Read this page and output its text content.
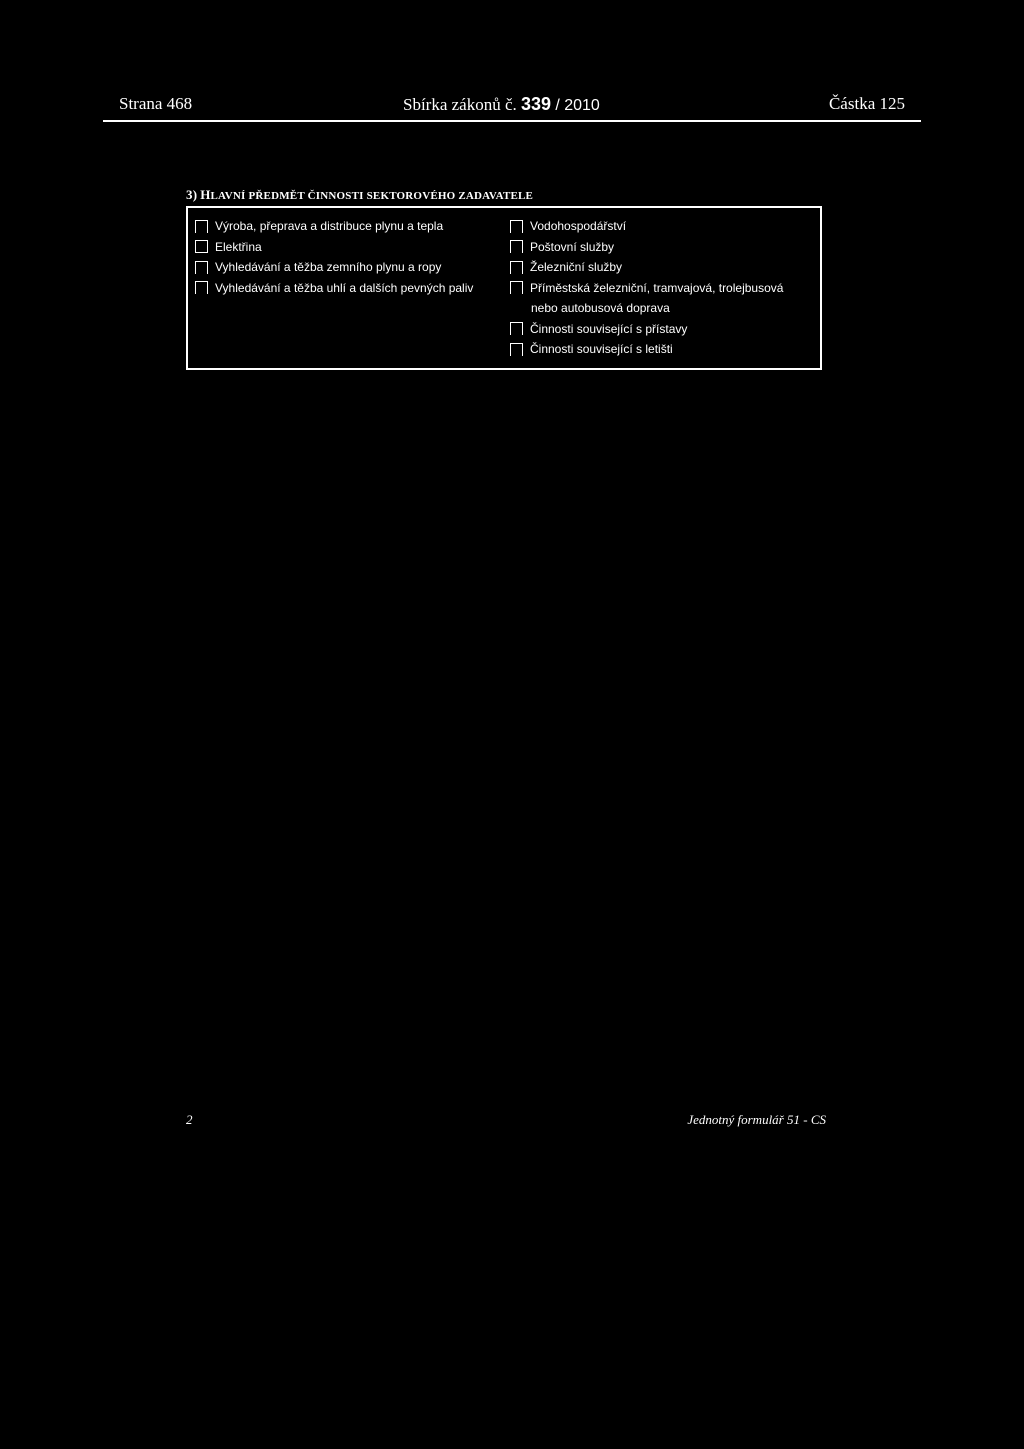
Strana 468	Sbírka zákonů č. 339 / 2010	Částka 125
3) HLAVNÍ PŘEDMĚT ČINNOSTI SEKTOROVÉHO ZADAVATELE
Výroba, přeprava a distribuce plynu a tepla
Elektřina
Vyhledávání a těžba zemního plynu a ropy
Vyhledávání a těžba uhlí a dalších pevných paliv
Vodohospodářství
Poštovní služby
Železniční služby
Příměstská železniční, tramvajová, trolejbusová
nebo autobusová doprava
Činnosti související s přístavy
Činnosti související s letišti
2	Jednotný formulář 51 - CS
